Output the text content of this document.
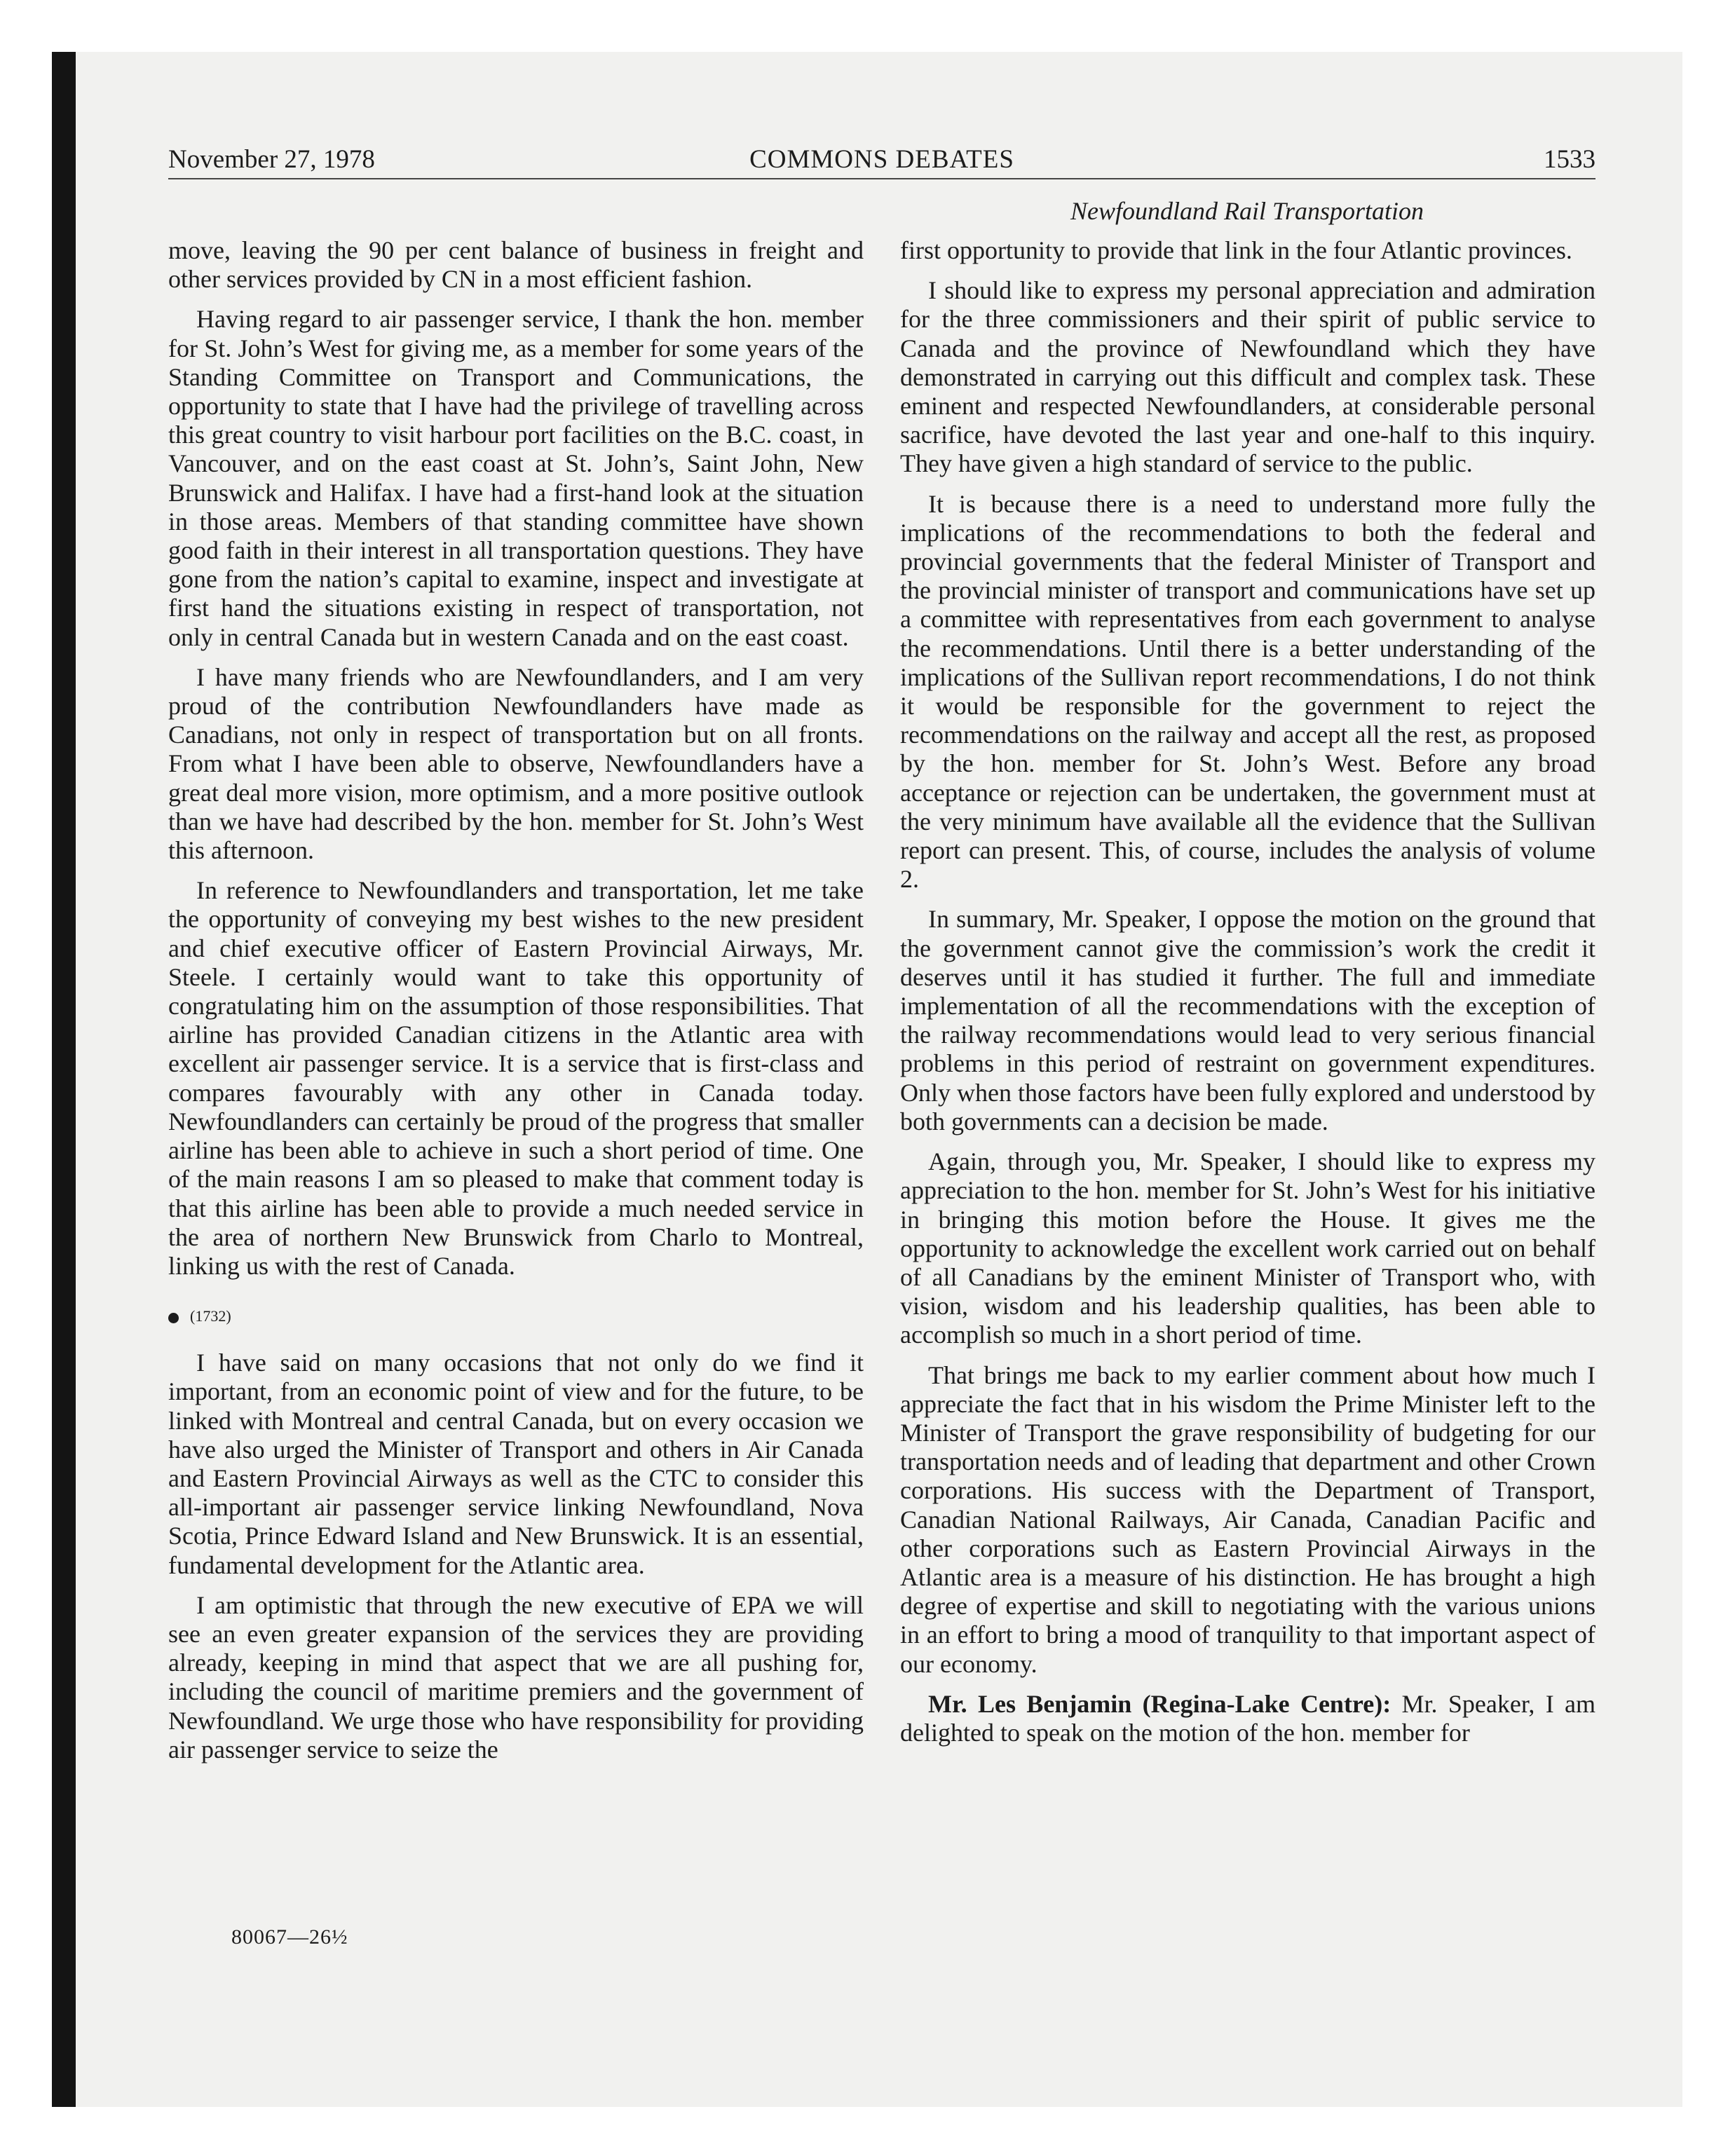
November 27, 1978	COMMONS DEBATES	1533
Newfoundland Rail Transportation

move, leaving the 90 per cent balance of business in freight and other services provided by CN in a most efficient fashion.

Having regard to air passenger service, I thank the hon. member for St. John’s West for giving me, as a member for some years of the Standing Committee on Transport and Communications, the opportunity to state that I have had the privilege of travelling across this great country to visit harbour port facilities on the B.C. coast, in Vancouver, and on the east coast at St. John’s, Saint John, New Brunswick and Halifax. I have had a first-hand look at the situation in those areas. Members of that standing committee have shown good faith in their interest in all transportation questions. They have gone from the nation’s capital to examine, inspect and investigate at first hand the situations existing in respect of transportation, not only in central Canada but in western Canada and on the east coast.

I have many friends who are Newfoundlanders, and I am very proud of the contribution Newfoundlanders have made as Canadians, not only in respect of transportation but on all fronts. From what I have been able to observe, Newfoundlanders have a great deal more vision, more optimism, and a more positive outlook than we have had described by the hon. member for St. John’s West this afternoon.

In reference to Newfoundlanders and transportation, let me take the opportunity of conveying my best wishes to the new president and chief executive officer of Eastern Provincial Airways, Mr. Steele. I certainly would want to take this opportunity of congratulating him on the assumption of those responsibilities. That airline has provided Canadian citizens in the Atlantic area with excellent air passenger service. It is a service that is first-class and compares favourably with any other in Canada today. Newfoundlanders can certainly be proud of the progress that smaller airline has been able to achieve in such a short period of time. One of the main reasons I am so pleased to make that comment today is that this airline has been able to provide a much needed service in the area of northern New Brunswick from Charlo to Montreal, linking us with the rest of Canada.

(1732)

I have said on many occasions that not only do we find it important, from an economic point of view and for the future, to be linked with Montreal and central Canada, but on every occasion we have also urged the Minister of Transport and others in Air Canada and Eastern Provincial Airways as well as the CTC to consider this all-important air passenger service linking Newfoundland, Nova Scotia, Prince Edward Island and New Brunswick. It is an essential, fundamental development for the Atlantic area.

I am optimistic that through the new executive of EPA we will see an even greater expansion of the services they are providing already, keeping in mind that aspect that we are all pushing for, including the council of maritime premiers and the government of Newfoundland. We urge those who have responsibility for providing air passenger service to seize the

first opportunity to provide that link in the four Atlantic provinces.

I should like to express my personal appreciation and admiration for the three commissioners and their spirit of public service to Canada and the province of Newfoundland which they have demonstrated in carrying out this difficult and complex task. These eminent and respected Newfoundlanders, at considerable personal sacrifice, have devoted the last year and one-half to this inquiry. They have given a high standard of service to the public.

It is because there is a need to understand more fully the implications of the recommendations to both the federal and provincial governments that the federal Minister of Transport and the provincial minister of transport and communications have set up a committee with representatives from each government to analyse the recommendations. Until there is a better understanding of the implications of the Sullivan report recommendations, I do not think it would be responsible for the government to reject the recommendations on the railway and accept all the rest, as proposed by the hon. member for St. John’s West. Before any broad acceptance or rejection can be undertaken, the government must at the very minimum have available all the evidence that the Sullivan report can present. This, of course, includes the analysis of volume 2.

In summary, Mr. Speaker, I oppose the motion on the ground that the government cannot give the commission’s work the credit it deserves until it has studied it further. The full and immediate implementation of all the recommendations with the exception of the railway recommendations would lead to very serious financial problems in this period of restraint on government expenditures. Only when those factors have been fully explored and understood by both governments can a decision be made.

Again, through you, Mr. Speaker, I should like to express my appreciation to the hon. member for St. John’s West for his initiative in bringing this motion before the House. It gives me the opportunity to acknowledge the excellent work carried out on behalf of all Canadians by the eminent Minister of Transport who, with vision, wisdom and his leadership qualities, has been able to accomplish so much in a short period of time.

That brings me back to my earlier comment about how much I appreciate the fact that in his wisdom the Prime Minister left to the Minister of Transport the grave responsibility of budgeting for our transportation needs and of leading that department and other Crown corporations. His success with the Department of Transport, Canadian National Railways, Air Canada, Canadian Pacific and other corporations such as Eastern Provincial Airways in the Atlantic area is a measure of his distinction. He has brought a high degree of expertise and skill to negotiating with the various unions in an effort to bring a mood of tranquility to that important aspect of our economy.

Mr. Les Benjamin (Regina-Lake Centre): Mr. Speaker, I am delighted to speak on the motion of the hon. member for

80067—26½
